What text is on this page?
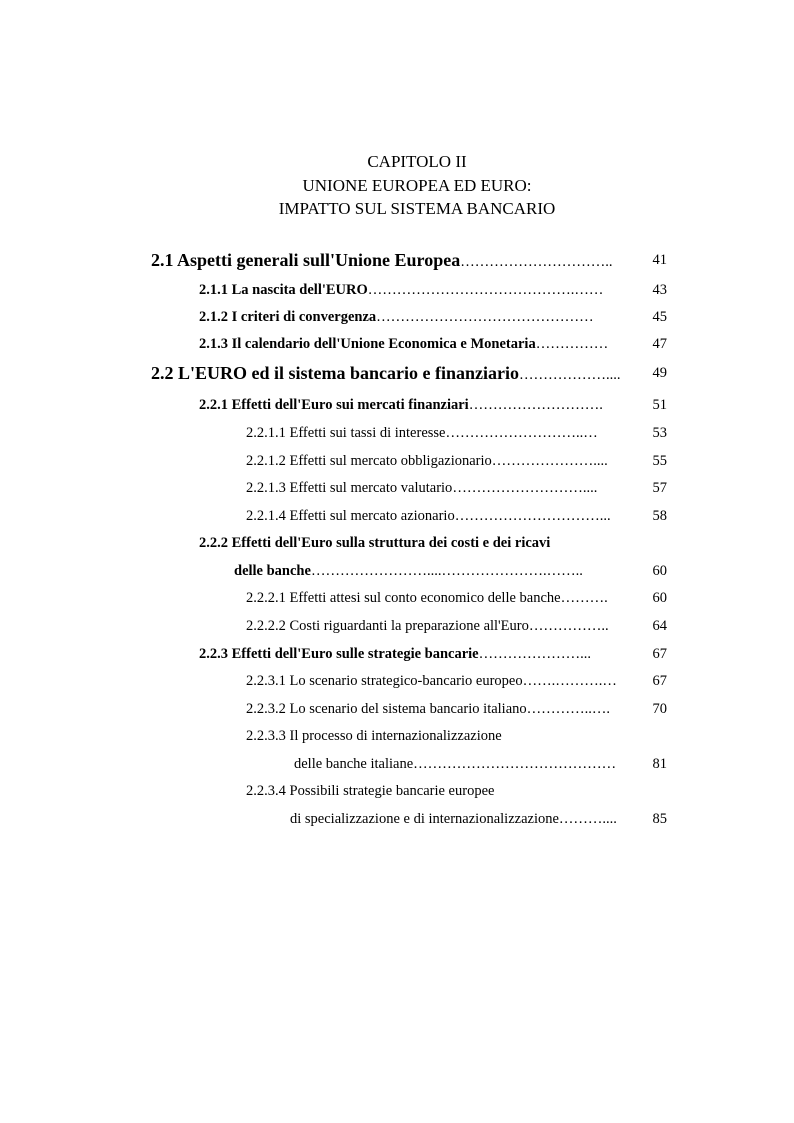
CAPITOLO II
UNIONE EUROPEA ED EURO:
IMPATTO SUL SISTEMA BANCARIO
2.1 Aspetti generali sull'Unione Europea…………………………..	41
2.1.1 La nascita dell'EURO…………………………………….……	43
2.1.2 I criteri di convergenza………………………………………	45
2.1.3 Il calendario dell'Unione Economica e Monetaria……………	47
2.2 L'EURO ed il sistema bancario e finanziario……………….... 49
2.2.1 Effetti dell'Euro sui mercati finanziari……………………….	51
2.2.1.1 Effetti sui tassi di interesse………………………..…	53
2.2.1.2 Effetti sul mercato obbligazionario…………………....	55
2.2.1.3 Effetti sul mercato valutario………………………....	57
2.2.1.4 Effetti sul mercato azionario…………………………...	58
2.2.2 Effetti dell'Euro sulla struttura dei costi e dei ricavi
delle banche……………………....………………….……..	60
2.2.2.1 Effetti attesi sul conto economico delle banche……….	60
2.2.2.2 Costi riguardanti la preparazione all'Euro……………..	64
2.2.3 Effetti dell'Euro sulle strategie bancarie…………………...	67
2.2.3.1 Lo scenario strategico-bancario europeo…….……….… 67
2.2.3.2 Lo scenario del sistema bancario italiano…………..….	70
2.2.3.3 Il processo di internazionalizzazione
delle banche italiane……………………………………	81
2.2.3.4 Possibili strategie bancarie europee
di specializzazione e di internazionalizzazione……….... 85
